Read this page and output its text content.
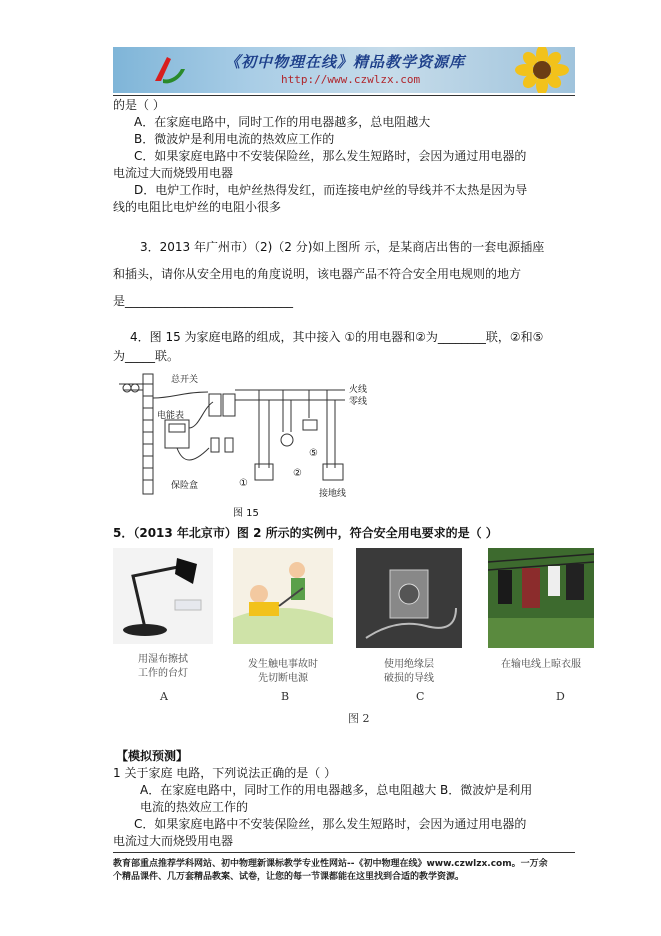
《初中物理在线》精品教学资源库
http://www.czwlzx.com
的是（ ）
A．在家庭电路中，同时工作的用电器越多，总电阻越大
B．微波炉是利用电流的热效应工作的
C．如果家庭电路中不安装保险丝，那么发生短路时，会因为通过用电器的
电流过大而烧毁用电器
D．电炉工作时，电炉丝热得发红，而连接电炉丝的导线并不太热是因为导
线的电阻比电炉丝的电阻小很多
3．2013 年广州市）（2)（2 分)如上图所 示，是某商店出售的一套电源插座
和插头，请你从安全用电的角度说明，该电器产品不符合安全用电规则的地方
是____________________________
4．图 15 为家庭电路的组成，其中接入 ①的用电器和②为________联，②和⑤
为_____联。
总开关
电能表
保险盒
火线
零线
接地线
①
②
⑤
图 15
5．（2013 年北京市）图 2 所示的实例中，符合安全用电要求的是（ ）
用湿布擦拭
工作的台灯
发生触电事故时
先切断电源
使用绝缘层
破损的导线
在输电线上晾衣服
A	B	C	D
图 2
【模拟预测】
1 关于家庭 电路，下列说法正确的是（ ）
A．在家庭电路中，同时工作的用电器越多，总电阻越大 B．微波炉是利用
电流的热效应工作的
C．如果家庭电路中不安装保险丝，那么发生短路时，会因为通过用电器的
电流过大而烧毁用电器
教育部重点推荐学科网站、初中物理新课标教学专业性网站--《初中物理在线》www.czwlzx.com。一万余
个精品课件、几万套精品教案、试卷，让您的每一节课都能在这里找到合适的教学资源。
